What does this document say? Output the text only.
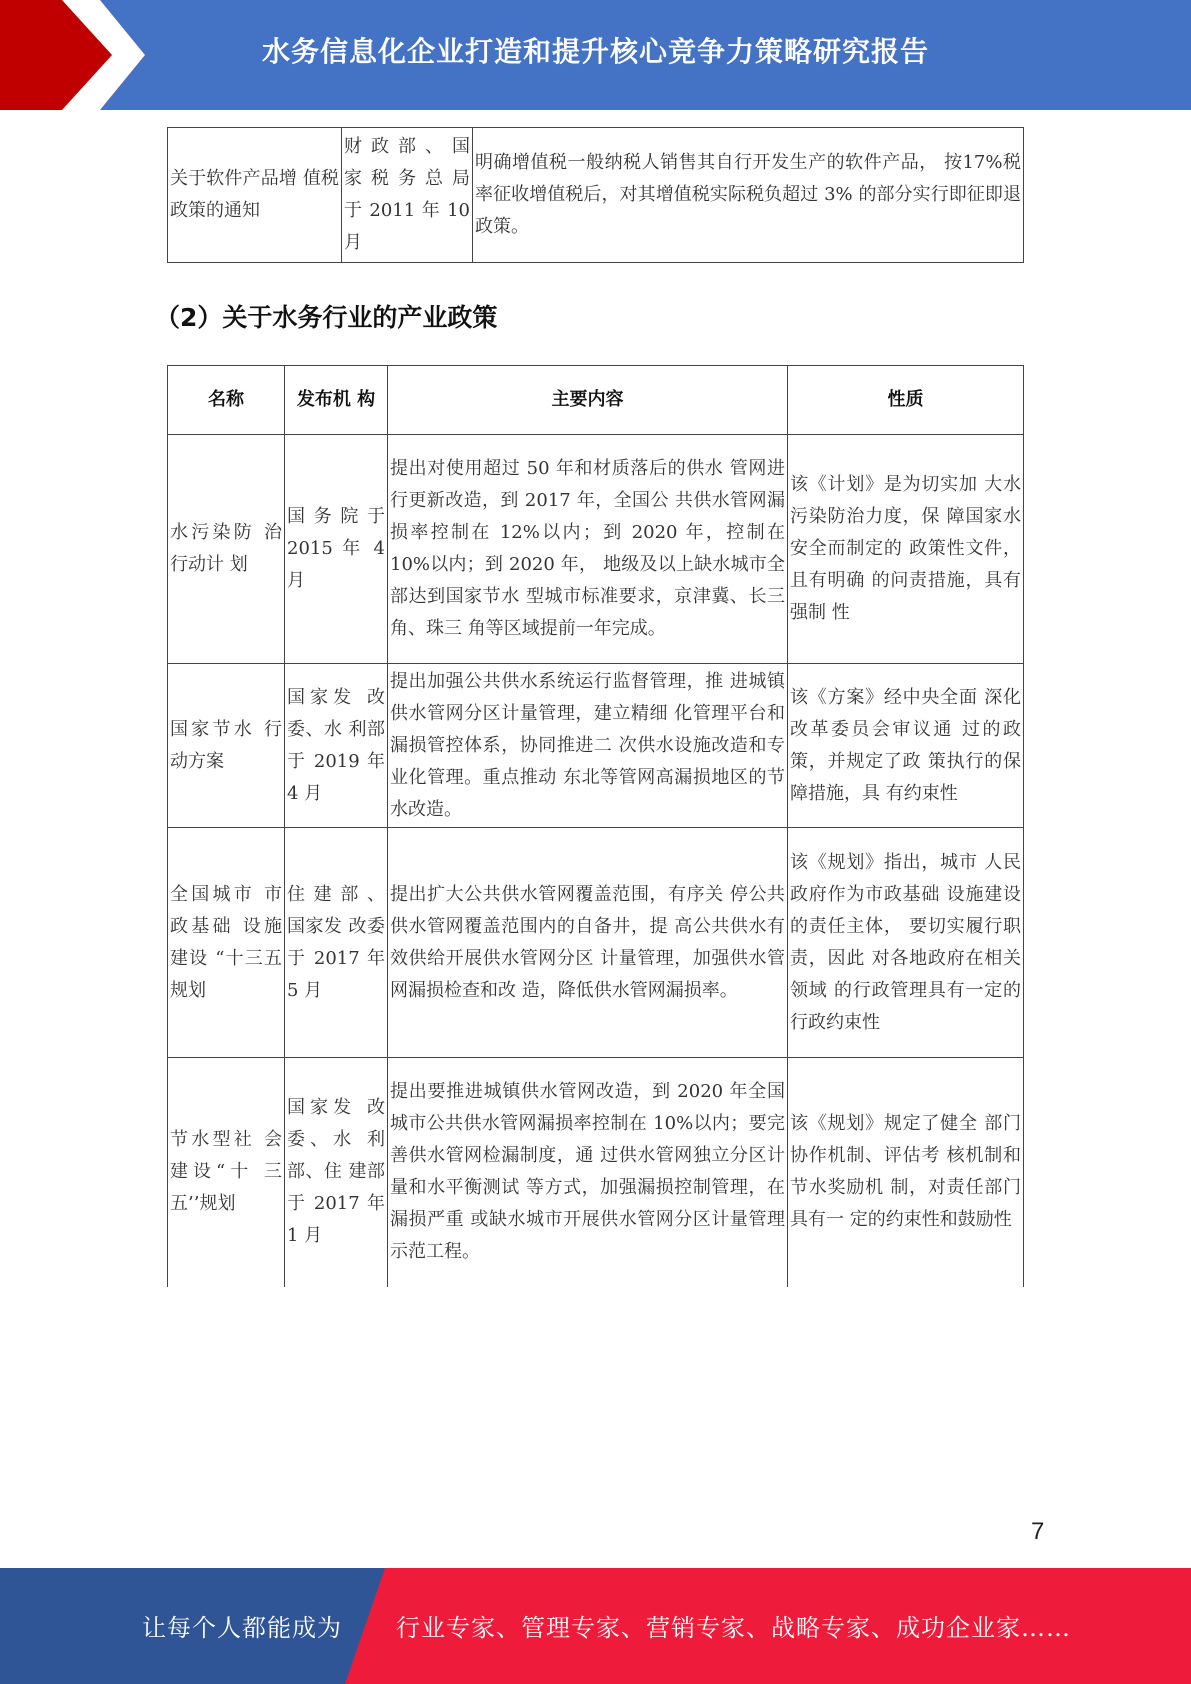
水务信息化企业打造和提升核心竞争力策略研究报告
关于软件产品增 值税政策的通知	财 政 部 、 国家 税 务 总 局于 2011 年 10月	明确增值税一般纳税人销售其自行开发生产的软件产品， 按17%税率征收增值税后，对其增值税实际税负超过 3% 的部分实行即征即退政策。
（2）关于水务行业的产业政策
名称	发布机 构	主要内容	性质
水污染防 治行动计 划	国务院于 2015 年 4 月	提出对使用超过 50 年和材质落后的供水 管网进行更新改造，到 2017 年，全国公 共供水管网漏损率控制在 12%以内；到 2020 年，控制在 10%以内；到 2020 年， 地级及以上缺水城市全部达到国家节水 型城市标准要求，京津冀、长三角、珠三 角等区域提前一年完成。	该《计划》是为切实加 大水污染防治力度，保 障国家水安全而制定的 政策性文件，且有明确 的问责措施，具有强制 性
国家节水 行动方案	国家发 改委、水 利部于 2019 年 4 月	提出加强公共供水系统运行监督管理，推 进城镇供水管网分区计量管理，建立精细 化管理平台和漏损管控体系，协同推进二 次供水设施改造和专业化管理。重点推动 东北等管网高漏损地区的节水改造。	该《方案》经中央全面 深化改革委员会审议通 过的政策，并规定了政 策执行的保障措施，具 有约束性
全国城市 市政基础 设施建设 “十三五 规划	住 建 部 、国家发 改委于 2017 年 5 月	提出扩大公共供水管网覆盖范围，有序关 停公共供水管网覆盖范围内的自备井，提 高公共供水有效供给开展供水管网分区 计量管理，加强供水管网漏损检查和改 造，降低供水管网漏损率。	该《规划》指出，城市 人民政府作为市政基础 设施建设的责任主体， 要切实履行职责，因此 对各地政府在相关领域 的行政管理具有一定的 行政约束性
节水型社 会建设“十 三五’’规划	国家发 改委、水 利部、住 建部于 2017 年 1 月	提出要推进城镇供水管网改造，到 2020 年全国城市公共供水管网漏损率控制在 10%以内；要完善供水管网检漏制度，通 过供水管网独立分区计量和水平衡测试 等方式，加强漏损控制管理，在漏损严重 或缺水城市开展供水管网分区计量管理 示范工程。	该《规划》规定了健全 部门协作机制、评估考 核机制和节水奖励机 制，对责任部门具有一 定的约束性和鼓励性
7
让每个人都能成为 行业专家、管理专家、营销专家、战略专家、成功企业家……
